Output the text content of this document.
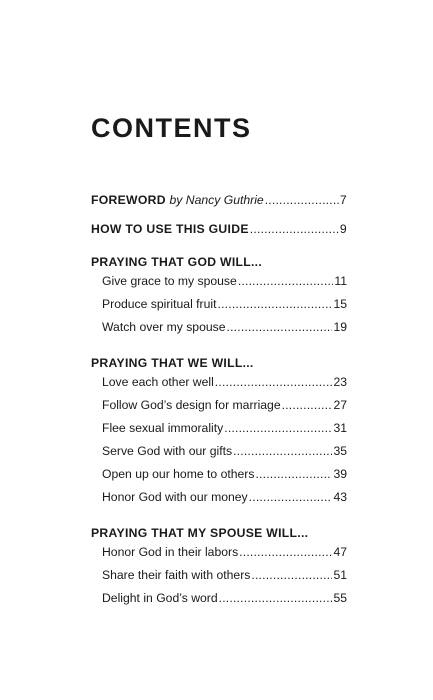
CONTENTS
FOREWORD by Nancy Guthrie .....	7
HOW TO USE THIS GUIDE .....	9
PRAYING THAT GOD WILL...
Give grace to my spouse .....	11
Produce spiritual fruit .....	15
Watch over my spouse .....	19
PRAYING THAT WE WILL...
Love each other well .....	23
Follow God’s design for marriage .....	27
Flee sexual immorality .....	31
Serve God with our gifts .....	35
Open up our home to others .....	39
Honor God with our money .....	43
PRAYING THAT MY SPOUSE WILL...
Honor God in their labors .....	47
Share their faith with others .....	51
Delight in God’s word .....	55
